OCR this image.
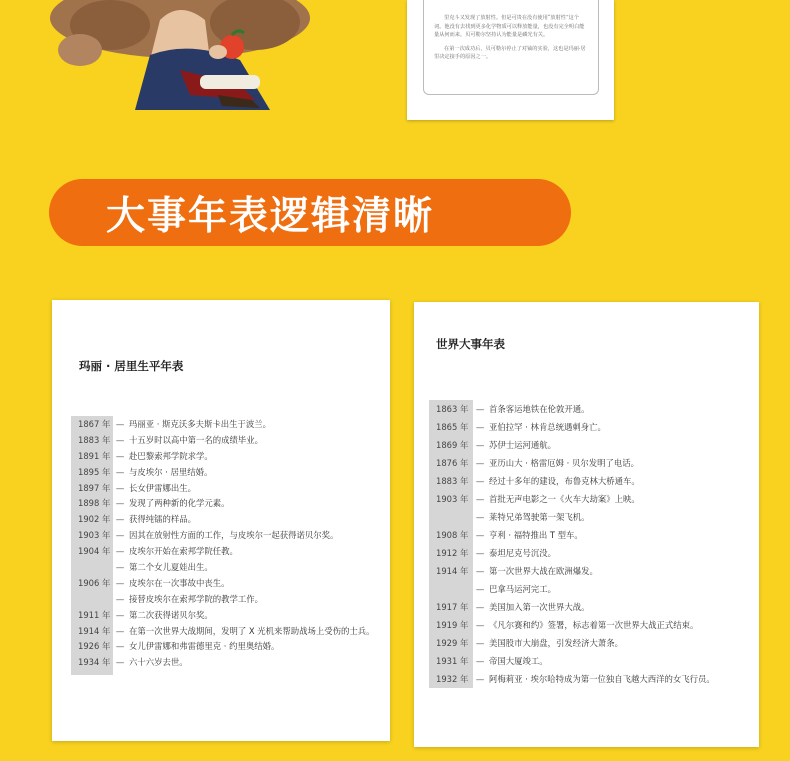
里克斗又发现了放射性。但是可贵在没有使用“放射性”这个词。他没有去找到更多化学物质可以释放能量，也没有完全明白能量从何而来。贝可勒尔坚持认为能量是磷光有关。

在第一次成功后，贝可勒尔停止了对铀的实验，这也是玛丽·居里决定接手的原因之一。

大事年表逻辑清晰
玛丽 · 居里生平年表
1867 年 — 玛丽亚 · 斯克沃多夫斯卡出生于波兰。
1883 年 — 十五岁时以高中第一名的成绩毕业。
1891 年 — 赴巴黎索邦学院求学。
1895 年 — 与皮埃尔 · 居里结婚。
1897 年 — 长女伊雷娜出生。
1898 年 — 发现了两种新的化学元素。
1902 年 — 获得纯镭的样品。
1903 年 — 因其在放射性方面的工作，与皮埃尔一起获得诺贝尔奖。
1904 年 — 皮埃尔开始在索邦学院任教。
— 第二个女儿夏娃出生。
1906 年 — 皮埃尔在一次事故中丧生。
— 接替皮埃尔在索邦学院的教学工作。
1911 年 — 第二次获得诺贝尔奖。
1914 年 — 在第一次世界大战期间，发明了 X 光机来帮助战场上受伤的士兵。
1926 年 — 女儿伊雷娜和弗雷德里克 · 约里奥结婚。
1934 年 — 六十六岁去世。
世界大事年表
1863 年 — 首条客运地铁在伦敦开通。
1865 年 — 亚伯拉罕 · 林肯总统遇刺身亡。
1869 年 — 苏伊士运河通航。
1876 年 — 亚历山大 · 格雷厄姆 · 贝尔发明了电话。
1883 年 — 经过十多年的建设，布鲁克林大桥通车。
1903 年 — 首批无声电影之一《火车大劫案》上映。
— 莱特兄弟驾驶第一架飞机。
1908 年 — 亨利 · 福特推出 T 型车。
1912 年 — 泰坦尼克号沉没。
1914 年 — 第一次世界大战在欧洲爆发。
— 巴拿马运河完工。
1917 年 — 美国加入第一次世界大战。
1919 年 — 《凡尔赛和约》签署，标志着第一次世界大战正式结束。
1929 年 — 美国股市大崩盘，引发经济大萧条。
1931 年 — 帝国大厦竣工。
1932 年 — 阿梅莉亚 · 埃尔哈特成为第一位独自飞越大西洋的女飞行员。
